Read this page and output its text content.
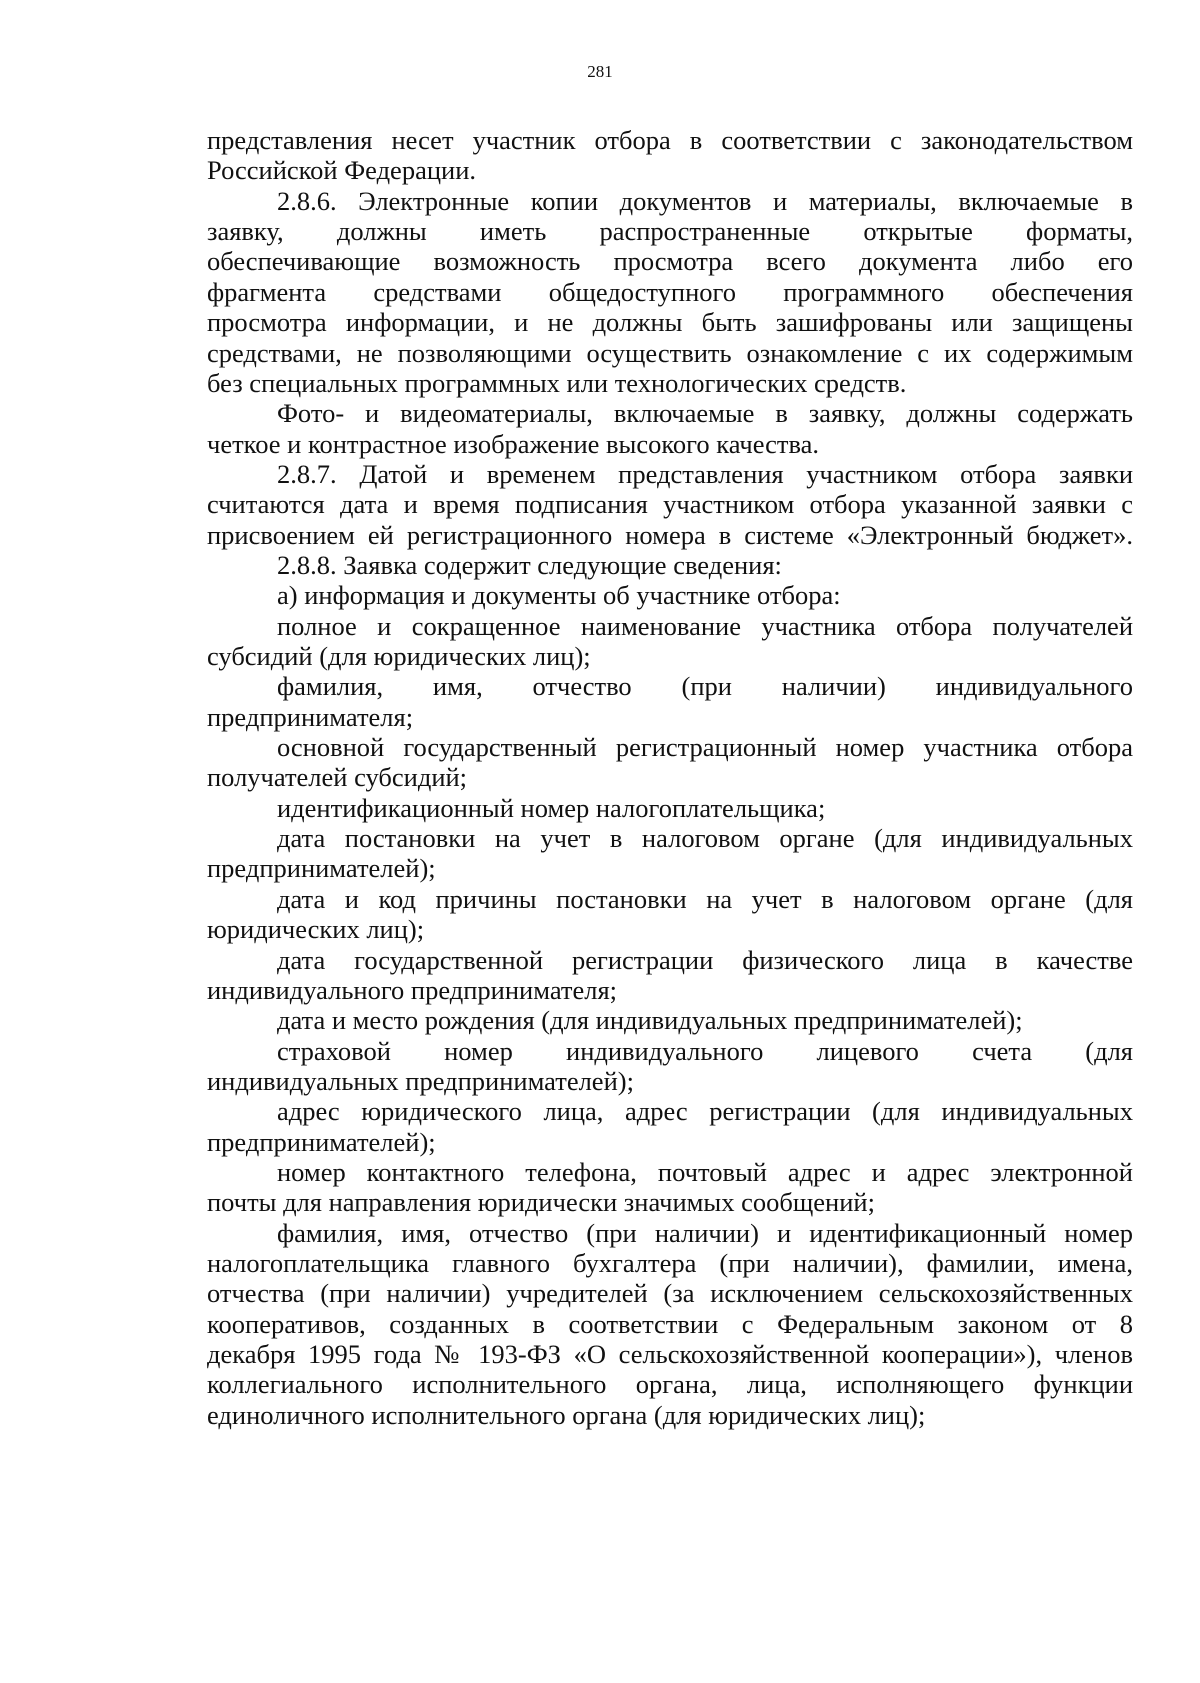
281

представления несет участник отбора в соответствии с законодательством

Российской Федерации.

2.8.6. Электронные копии документов и материалы, включаемые в

заявку, должны иметь распространенные открытые форматы,

обеспечивающие возможность просмотра всего документа либо его

фрагмента средствами общедоступного программного обеспечения

просмотра информации, и не должны быть зашифрованы или защищены

средствами, не позволяющими осуществить ознакомление с их содержимым

без специальных программных или технологических средств.

Фото- и видеоматериалы, включаемые в заявку, должны содержать

четкое и контрастное изображение высокого качества.

2.8.7. Датой и временем представления участником отбора заявки

считаются дата и время подписания участником отбора указанной заявки с

присвоением ей регистрационного номера в системе «Электронный бюджет».

2.8.8. Заявка содержит следующие сведения:

а) информация и документы об участнике отбора:

полное и сокращенное наименование участника отбора получателей

субсидий (для юридических лиц);

фамилия, имя, отчество (при наличии) индивидуального

предпринимателя;

основной государственный регистрационный номер участника отбора

получателей субсидий;

идентификационный номер налогоплательщика;

дата постановки на учет в налоговом органе (для индивидуальных

предпринимателей);

дата и код причины постановки на учет в налоговом органе (для

юридических лиц);

дата государственной регистрации физического лица в качестве

индивидуального предпринимателя;

дата и место рождения (для индивидуальных предпринимателей);

страховой номер индивидуального лицевого счета (для

индивидуальных предпринимателей);

адрес юридического лица, адрес регистрации (для индивидуальных

предпринимателей);

номер контактного телефона, почтовый адрес и адрес электронной

почты для направления юридически значимых сообщений;

фамилия, имя, отчество (при наличии) и идентификационный номер

налогоплательщика главного бухгалтера (при наличии), фамилии, имена,

отчества (при наличии) учредителей (за исключением сельскохозяйственных

кооперативов, созданных в соответствии с Федеральным законом от 8

декабря 1995 года № 193-ФЗ «О сельскохозяйственной кооперации»), членов

коллегиального исполнительного органа, лица, исполняющего функции

единоличного исполнительного органа (для юридических лиц);
